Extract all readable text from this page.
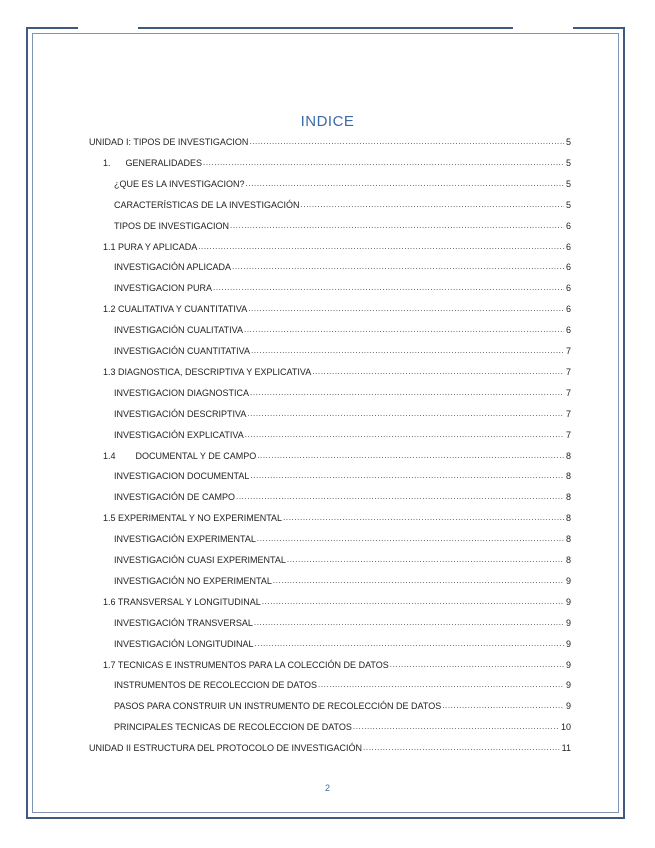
INDICE
UNIDAD I: TIPOS DE INVESTIGACION .....	5
1.      GENERALIDADES .....	5
¿QUE ES LA INVESTIGACION? .....	5
CARACTERÍSTICAS DE LA INVESTIGACIÓN .....	5
TIPOS DE INVESTIGACION .....	6
1.1 PURA Y APLICADA .....	6
INVESTIGACIÓN APLICADA .....	6
INVESTIGACION PURA .....	6
1.2 CUALITATIVA Y CUANTITATIVA .....	6
INVESTIGACIÓN CUALITATIVA .....	6
INVESTIGACIÓN CUANTITATIVA .....	7
1.3 DIAGNOSTICA, DESCRIPTIVA Y EXPLICATIVA .....	7
INVESTIGACION DIAGNOSTICA .....	7
INVESTIGACIÓN DESCRIPTIVA .....	7
INVESTIGACIÓN EXPLICATIVA .....	7
1.4        DOCUMENTAL Y DE CAMPO .....	8
INVESTIGACION DOCUMENTAL .....	8
INVESTIGACIÓN DE CAMPO .....	8
1.5 EXPERIMENTAL Y NO EXPERIMENTAL .....	8
INVESTIGACIÓN EXPERIMENTAL .....	8
INVESTIGACIÓN CUASI EXPERIMENTAL .....	8
INVESTIGACIÓN NO EXPERIMENTAL .....	9
1.6 TRANSVERSAL Y LONGITUDINAL .....	9
INVESTIGACIÓN TRANSVERSAL .....	9
INVESTIGACIÓN LONGITUDINAL .....	9
1.7 TECNICAS E INSTRUMENTOS PARA LA COLECCIÓN DE DATOS .....	9
INSTRUMENTOS DE RECOLECCION DE DATOS .....	9
PASOS PARA CONSTRUIR UN INSTRUMENTO DE RECOLECCIÓN DE DATOS .....	9
PRINCIPALES TECNICAS DE RECOLECCION DE DATOS .....	10
UNIDAD II ESTRUCTURA DEL PROTOCOLO DE INVESTIGACIÓN .....	11
2
